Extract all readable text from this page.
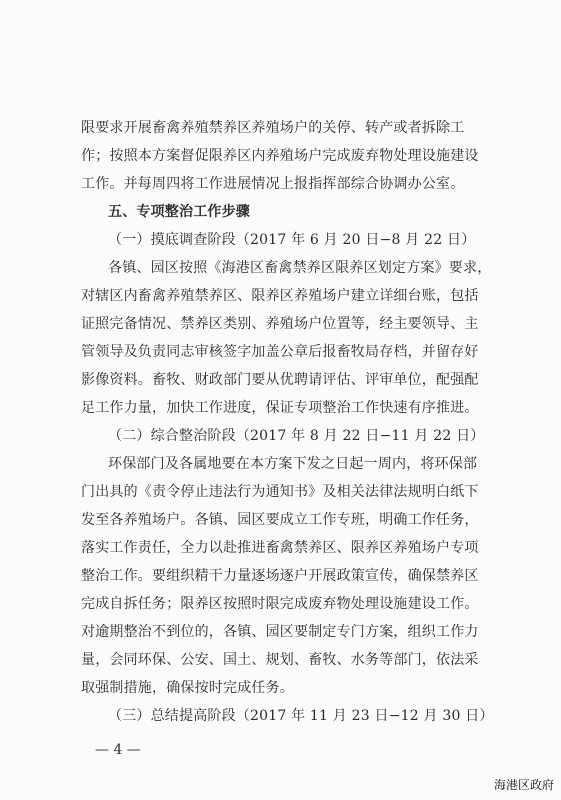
限要求开展畜禽养殖禁养区养殖场户的关停、转产或者拆除工
作；按照本方案督促限养区内养殖场户完成废弃物处理设施建设
工作。并每周四将工作进展情况上报指挥部综合协调办公室。
五、专项整治工作步骤
（一）摸底调查阶段（2017 年 6 月 20 日−8 月 22 日）
各镇、园区按照《海港区畜禽禁养区限养区划定方案》要求，
对辖区内畜禽养殖禁养区、限养区养殖场户建立详细台账，包括
证照完备情况、禁养区类别、养殖场户位置等，经主要领导、主
管领导及负责同志审核签字加盖公章后报畜牧局存档，并留存好
影像资料。畜牧、财政部门要从优聘请评估、评审单位，配强配
足工作力量，加快工作进度，保证专项整治工作快速有序推进。
（二）综合整治阶段（2017 年 8 月 22 日−11 月 22 日）
环保部门及各属地要在本方案下发之日起一周内，将环保部
门出具的《责令停止违法行为通知书》及相关法律法规明白纸下
发至各养殖场户。各镇、园区要成立工作专班，明确工作任务，
落实工作责任，全力以赴推进畜禽禁养区、限养区养殖场户专项
整治工作。要组织精干力量逐场逐户开展政策宣传，确保禁养区
完成自拆任务；限养区按照时限完成废弃物处理设施建设工作。
对逾期整治不到位的，各镇、园区要制定专门方案，组织工作力
量，会同环保、公安、国土、规划、畜牧、水务等部门，依法采
取强制措施，确保按时完成任务。
（三）总结提高阶段（2017 年 11 月 23 日−12 月 30 日）
— 4 —
海港区政府
